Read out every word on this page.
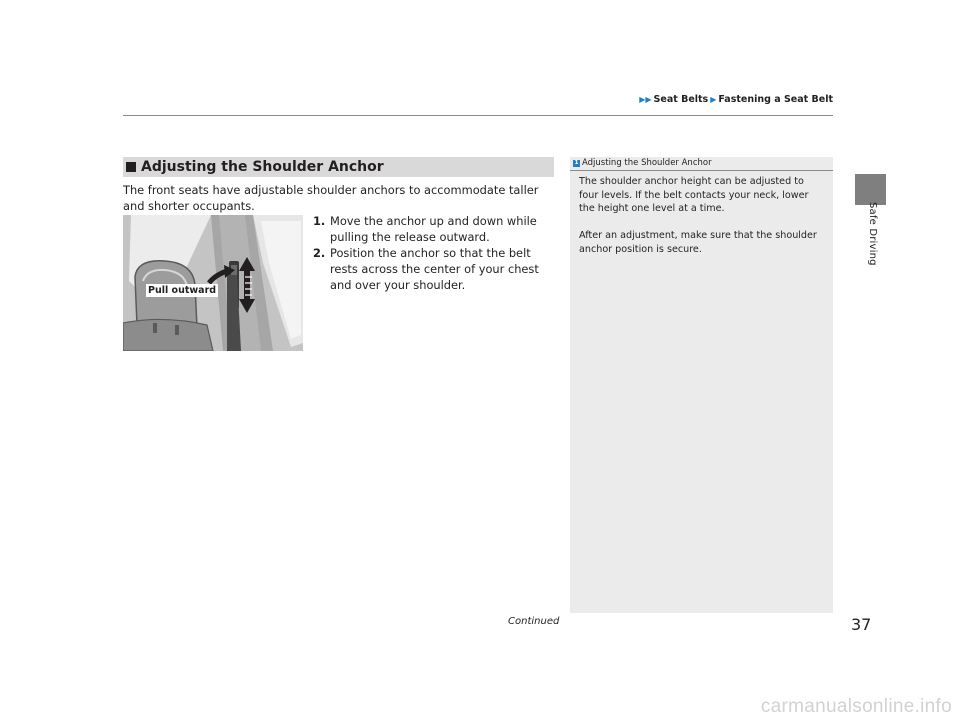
▶▶ Seat Belts ▶ Fastening a Seat Belt
Safe Driving
Adjusting the Shoulder Anchor

The front seats have adjustable shoulder anchors to accommodate taller and shorter occupants.

Pull outward
1. Move the anchor up and down while pulling the release outward.
2. Position the anchor so that the belt rests across the center of your chest and over your shoulder.
1 Adjusting the Shoulder Anchor

The shoulder anchor height can be adjusted to four levels. If the belt contacts your neck, lower the height one level at a time.

After an adjustment, make sure that the shoulder anchor position is secure.

Continued	37
carmanualsonline.info
